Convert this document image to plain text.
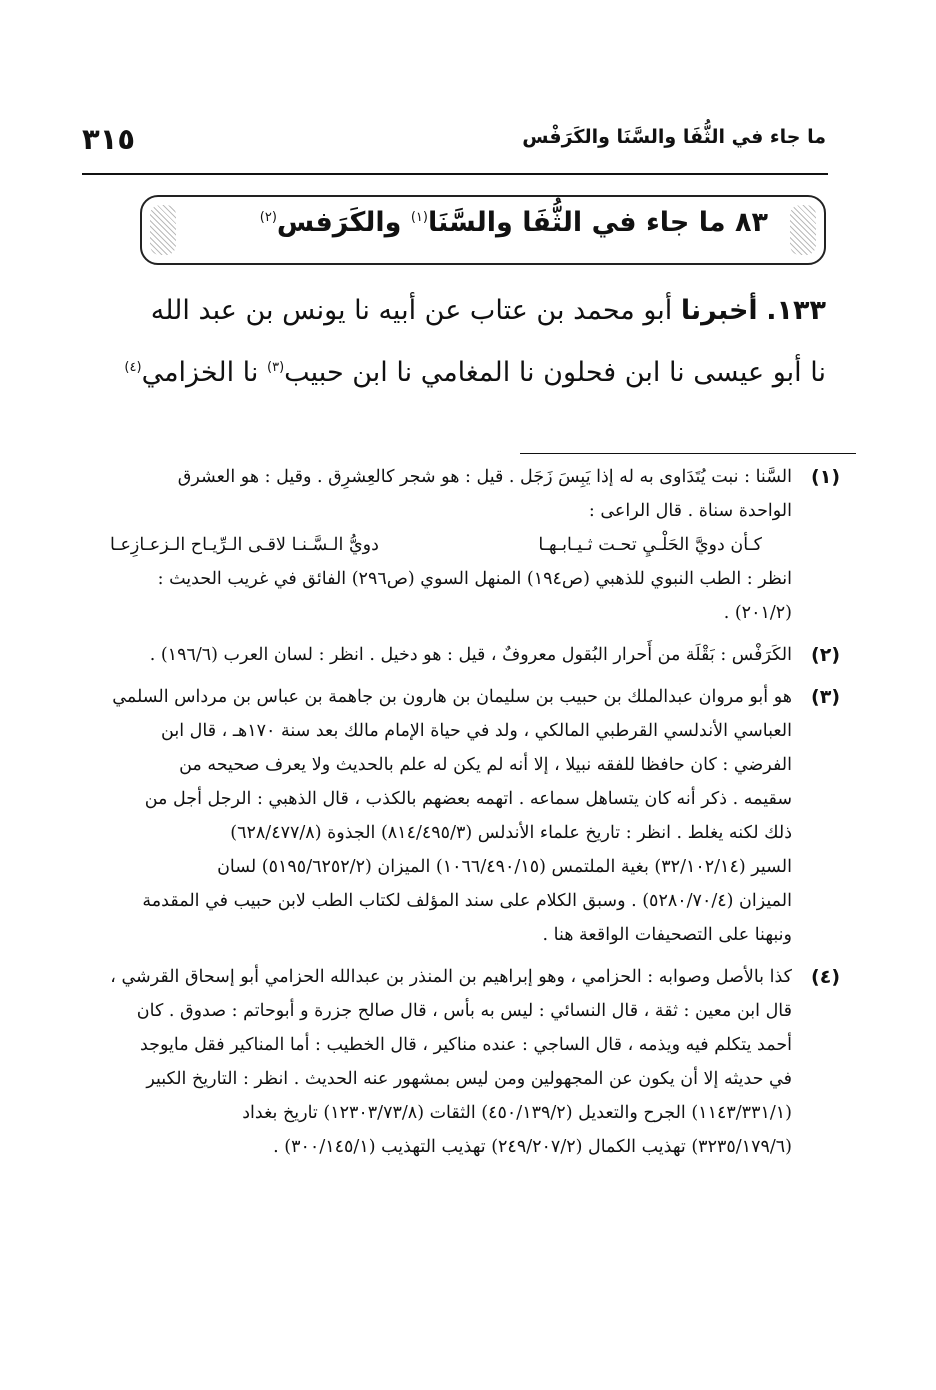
٣١٥	ما جاء في الثُّفَا والسَّنَا والكَرَفْس
٨٣ ما جاء في الثُّفَا والسَّنَا$^{(١)}$ والكَرَفس$^{(٢)}$
١٣٣. أخبرنا أبو محمد بن عتاب عن أبيه نا يونس بن عبد الله
نا أبو عيسى نا ابن فحلون نا المغامي نا ابن حبيب$^{(٣)}$ نا الخزامي$^{(٤)}$
(١)
السَّنا : نبت يُتَدَاوى به له إذا يَبِسَ زَجَل . قيل : هو شجر كالعِشرِق . وقيل : هو العشرق
الواحدة سناة . قال الراعى :
كـأن دويَّ الحَلْـيِ تحـت ثـيـابـهـا
دويُّ الـسَّـنـا لاقـى الـرِّيـاح الـزعـازِعـا
انظر : الطب النبوي للذهبي (ص١٩٤) المنهل السوي (ص٢٩٦) الفائق في غريب الحديث :
(٢٠١/٢) .
(٢)
الكَرَفْس : بَقْلَة من أَحرار البُقول معروفٌ ، قيل : هو دخيل . انظر : لسان العرب (١٩٦/٦) .
(٣)
هو أبو مروان عبدالملك بن حبيب بن سليمان بن هارون بن جاهمة بن عباس بن مرداس السلمي
العباسي الأندلسي القرطبي المالكي ، ولد في حياة الإمام مالك بعد سنة ١٧٠هـ ، قال ابن
الفرضي : كان حافظا للفقه نبيلا ، إلا أنه لم يكن له علم بالحديث ولا يعرف صحيحه من
سقيمه . ذكر أنه كان يتساهل سماعه . اتهمه بعضهم بالكذب ، قال الذهبي : الرجل أجل من
ذلك لكنه يغلط . انظر : تاريخ علماء الأندلس (٨١٤/٤٩٥/٣) الجذوة (٦٢٨/٤٧٧/٨)
السير (٣٢/١٠٢/١٤) بغية الملتمس (١٠٦٦/٤٩٠/١٥) الميزان (٥١٩٥/٦٢٥٢/٢) لسان
الميزان (٥٢٨٠/٧٠/٤) . وسبق الكلام على سند المؤلف لكتاب الطب لابن حبيب في المقدمة
ونبهنا على التصحيفات الواقعة هنا .
(٤)
كذا بالأصل وصوابه : الحزامي ، وهو إبراهيم بن المنذر بن عبدالله الحزامي أبو إسحاق القرشي ،
قال ابن معين : ثقة ، قال النسائي : ليس به بأس ، قال صالح جزرة و أبوحاتم : صدوق . كان
أحمد يتكلم فيه ويذمه ، قال الساجي : عنده مناكير ، قال الخطيب : أما المناكير فقل مايوجد
في حديثه إلا أن يكون عن المجهولين ومن ليس بمشهور عنه الحديث . انظر : التاريخ الكبير
(١١٤٣/٣٣١/١) الجرح والتعديل (٤٥٠/١٣٩/٢) الثقات (١٢٣٠٣/٧٣/٨) تاريخ بغداد
(٣٢٣٥/١٧٩/٦) تهذيب الكمال (٢٤٩/٢٠٧/٢) تهذيب التهذيب (٣٠٠/١٤٥/١) .
